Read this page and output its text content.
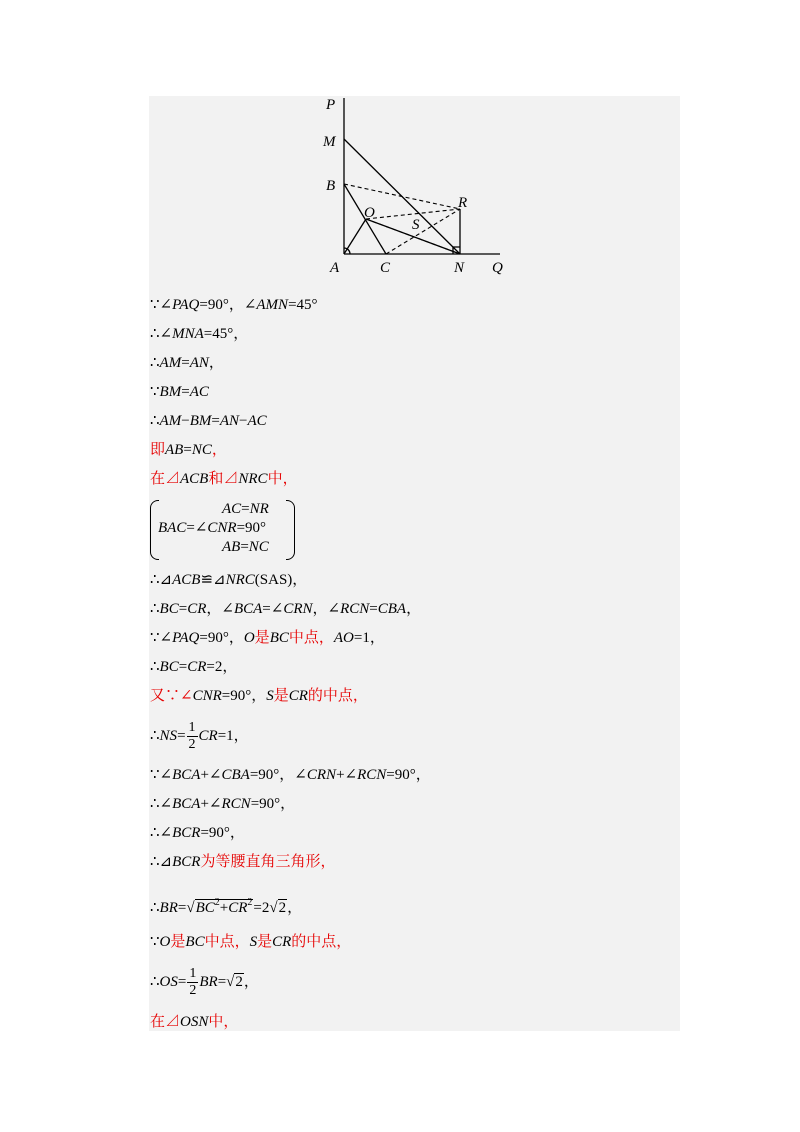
P
M
B
O
S
R
A	C	N Q
∵∠PAQ=90°，∠AMN=45°
∴∠MNA=45°，
∴AM=AN，
∵BM=AC
∴AM−BM=AN−AC
即AB=NC，
在⊿ACB和⊿NRC中，
AC=NR
BAC=∠CNR=90°
AB=NC
∴⊿ACB≌⊿NRC(SAS)，
∴BC=CR，∠BCA=∠CRN，∠RCN=CBA，
∵∠PAQ=90°，O是BC中点，AO=1，
∴BC=CR=2，
又∵∠CNR=90°，S是CR的中点，
∴NS= $\frac{1}{2} CR=1$，
∵∠BCA+∠CBA=90°，∠CRN+∠RCN=90°，
∴∠BCA+∠RCN=90°，
∴∠BCR=90°，
∴⊿BCR为等腰直角三角形，
$\therefore BR=√BC^2+CR^2=2√2$，
∵O是BC中点，S是CR的中点，
∴OS= $\frac{1}{2} BR=√2$，
在⊿OSN中，
